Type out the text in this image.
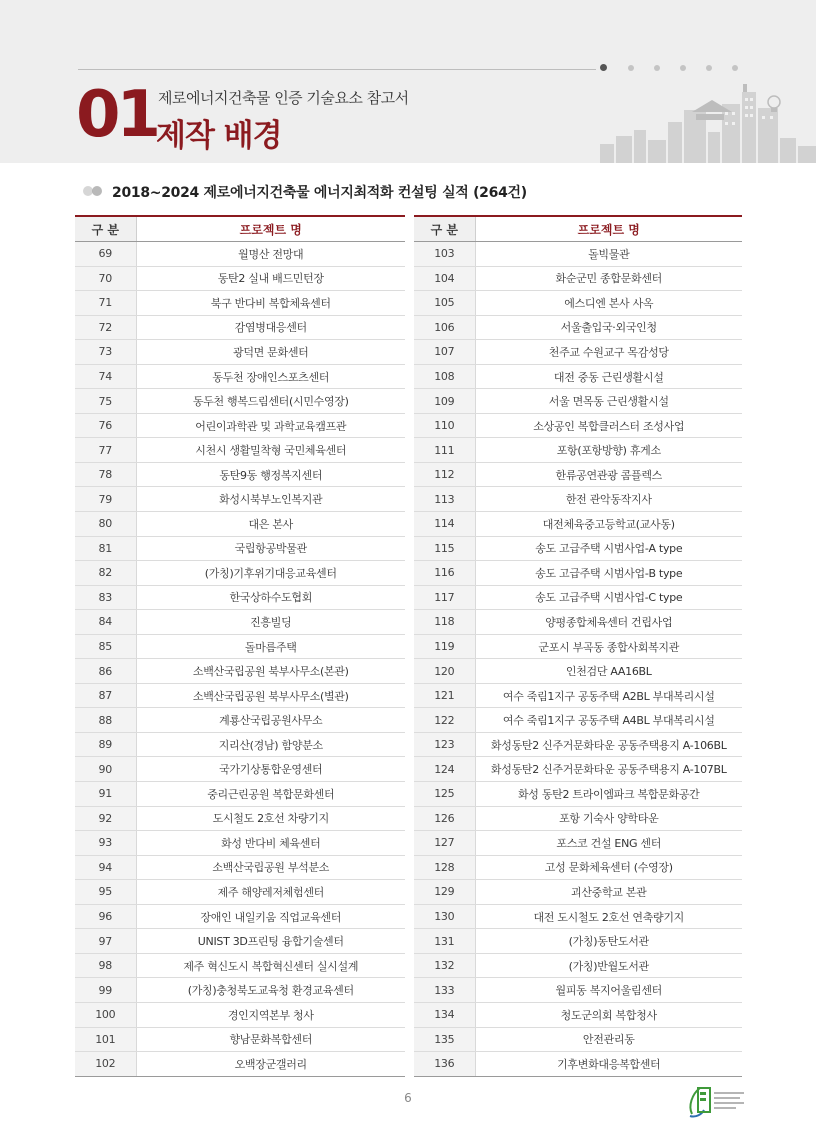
01 제로에너지건축물 인증 기술요소 참고서
제작 배경
2018~2024 제로에너지건축물 에너지최적화 컨설팅 실적 (264건)
구 분	프로젝트 명
69	월명산 전망대
70	동탄2 실내 배드민턴장
71	북구 반다비 복합체육센터
72	감염병대응센터
73	광덕면 문화센터
74	동두천 장애인스포츠센터
75	동두천 행복드림센터(시민수영장)
76	어린이과학관 및 과학교육캠프관
77	시천시 생활밀착형 국민체육센터
78	동탄9동 행정복지센터
79	화성시북부노인복지관
80	대은 본사
81	국립항공박물관
82	(가칭)기후위기대응교육센터
83	한국상하수도협회
84	진흥빌딩
85	돌마름주택
86	소백산국립공원 북부사무소(본관)
87	소백산국립공원 북부사무소(별관)
88	계룡산국립공원사무소
89	지리산(경남) 함양분소
90	국가기상통합운영센터
91	중리근린공원 복합문화센터
92	도시철도 2호선 차량기지
93	화성 반다비 체육센터
94	소백산국립공원 부석분소
95	제주 해양레저체험센터
96	장애인 내일키움 직업교육센터
97	UNIST 3D프린팅 융합기술센터
98	제주 혁신도시 복합혁신센터 실시설계
99	(가칭)충청북도교육청 환경교육센터
100	경인지역본부 청사
101	향남문화복합센터
102	오백장군갤러리
구 분	프로젝트 명
103	돌빅물관
104	화순군민 종합문화센터
105	에스디엔 본사 사옥
106	서울출입국·외국인청
107	천주교 수원교구 목감성당
108	대전 중동 근린생활시설
109	서울 면목동 근린생활시설
110	소상공인 복합클러스터 조성사업
111	포항(포항방향) 휴게소
112	한류공연관광 콤플렉스
113	한전 관악동작지사
114	대전체육중고등학교(교사동)
115	송도 고급주택 시범사업-A type
116	송도 고급주택 시범사업-B type
117	송도 고급주택 시범사업-C type
118	양평종합체육센터 건립사업
119	군포시 부곡동 종합사회복지관
120	인천검단 AA16BL
121	여수 죽림1지구 공동주택 A2BL 부대복리시설
122	여수 죽림1지구 공동주택 A4BL 부대복리시설
123	화성동탄2 신주거문화타운 공동주택용지 A-106BL
124	화성동탄2 신주거문화타운 공동주택용지 A-107BL
125	화성 동탄2 트라이엠파크 복합문화공간
126	포항 기숙사 양학타운
127	포스코 건설 ENG 센터
128	고성 문화체육센터 (수영장)
129	괴산중학교 본관
130	대전 도시철도 2호선 연축량기지
131	(가칭)동탄도서관
132	(가칭)반월도서관
133	월피동 복지어울림센터
134	청도군의회 복합청사
135	안전관리동
136	기후변화대응복합센터
6
